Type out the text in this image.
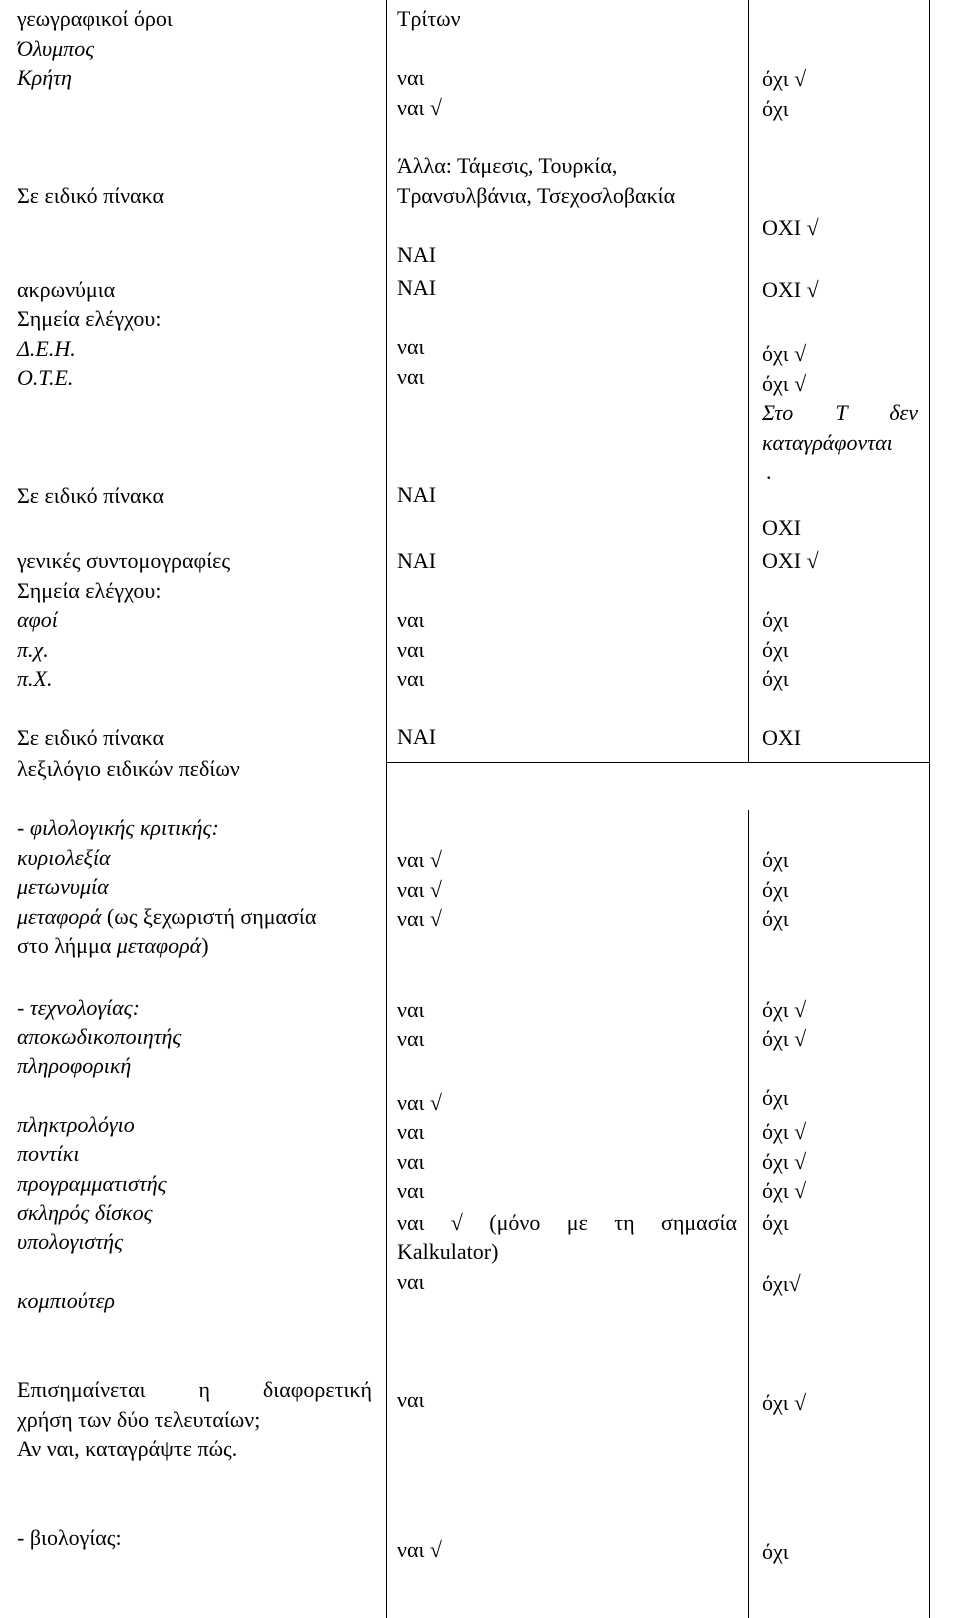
γεωγραφικοί όροι
Όλυμπος
Κρήτη
Σε ειδικό πίνακα
ακρωνύμια
Σημεία ελέγχου:
Δ.Ε.Η.
Ο.Τ.Ε.
Σε ειδικό πίνακα
γενικές συντομογραφίες
Σημεία ελέγχου:
αφοί
π.χ.
π.Χ.
Σε ειδικό πίνακα
λεξιλόγιο ειδικών πεδίων
- φιλολογικής κριτικής:
κυριολεξία
μετωνυμία
μεταφορά (ως ξεχωριστή σημασία
στο λήμμα μεταφορά)
- τεχνολογίας:
αποκωδικοποιητής
πληροφορική
πληκτρολόγιο
ποντίκι
προγραμματιστής
σκληρός δίσκος
υπολογιστής
κομπιούτερ
Επισημαίνεται η διαφορετική
χρήση των δύο τελευταίων;
Αν ναι, καταγράψτε πώς.
- βιολογίας:
Τρίτων
ναι
ναι √
Άλλα: Τάμεσις, Τουρκία,
Τρανσυλβάνια, Τσεχοσλοβακία
ΝΑΙ
ΝΑΙ
ναι
ναι
ΝΑΙ
ΝΑΙ
ναι
ναι
ναι
ΝΑΙ
ναι √
ναι √
ναι √
ναι
ναι
ναι √
ναι
ναι
ναι
ναι √ (μόνο με τη σημασία
Kalkulator)
ναι
ναι
ναι √
όχι √
όχι
ΟΧΙ √
ΟΧΙ √
όχι √
όχι √
Στο Τ δεν
καταγράφονται
.
ΟΧΙ
ΟΧΙ √
όχι
όχι
όχι
ΟΧΙ
όχι
όχι
όχι
όχι √
όχι √
όχι
όχι √
όχι √
όχι √
όχι
όχι√
όχι √
όχι
